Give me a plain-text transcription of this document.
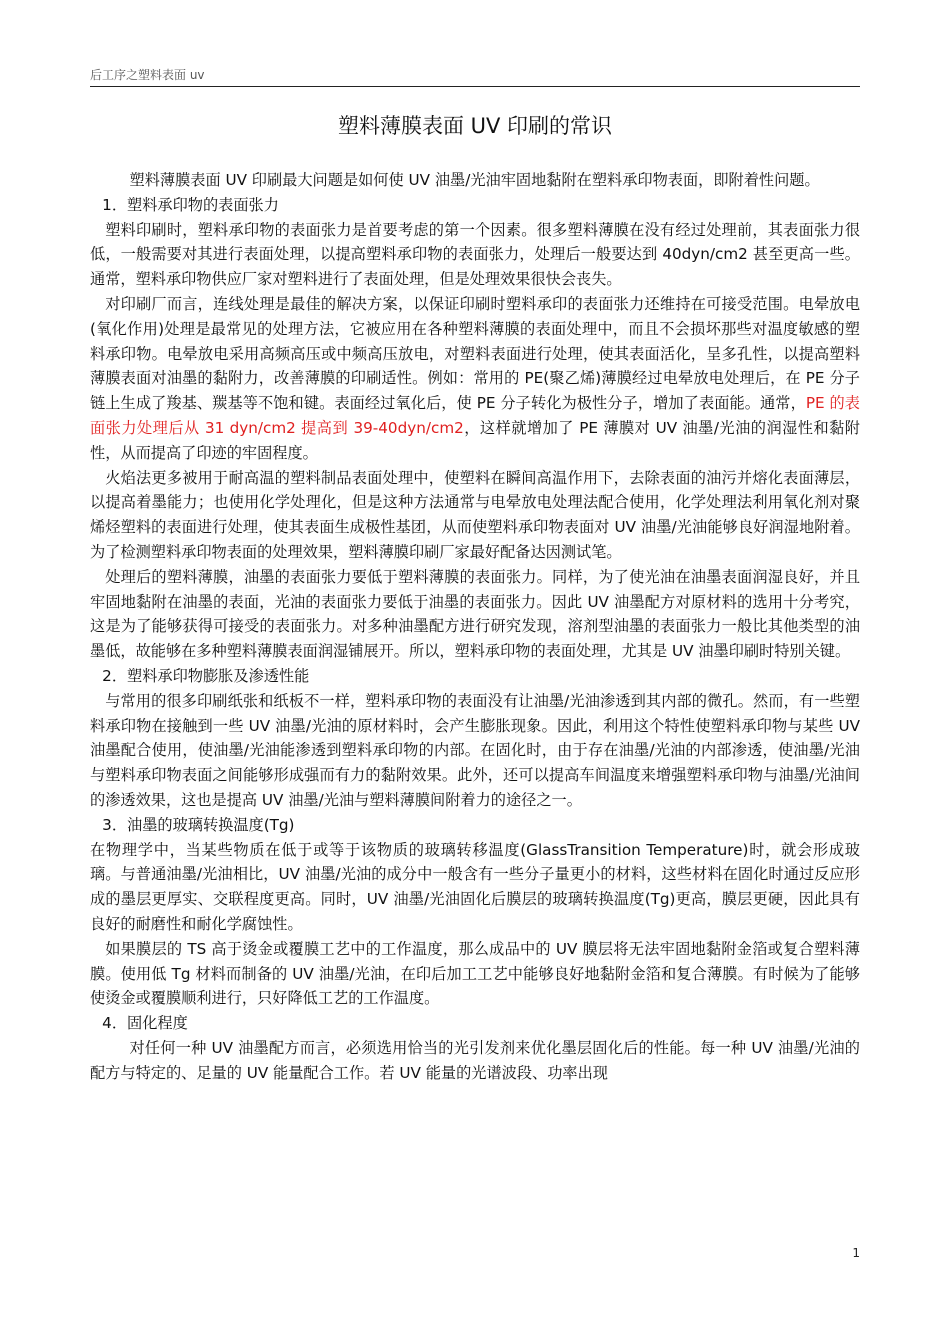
后工序之塑料表面 uv
塑料薄膜表面 UV 印刷的常识

塑料薄膜表面 UV 印刷最大问题是如何使 UV 油墨/光油牢固地黏附在塑料承印物表面，即附着性问题。

1．塑料承印物的表面张力

塑料印刷时，塑料承印物的表面张力是首要考虑的第一个因素。很多塑料薄膜在没有经过处理前，其表面张力很低，一般需要对其进行表面处理，以提高塑料承印物的表面张力，处理后一般要达到 40dyn/cm2 甚至更高一些。通常，塑料承印物供应厂家对塑料进行了表面处理，但是处理效果很快会丧失。

对印刷厂而言，连线处理是最佳的解决方案，以保证印刷时塑料承印的表面张力还维持在可接受范围。电晕放电(氧化作用)处理是最常见的处理方法，它被应用在各种塑料薄膜的表面处理中，而且不会损坏那些对温度敏感的塑料承印物。电晕放电采用高频高压或中频高压放电，对塑料表面进行处理，使其表面活化，呈多孔性，以提高塑料薄膜表面对油墨的黏附力，改善薄膜的印刷适性。例如：常用的 PE(聚乙烯)薄膜经过电晕放电处理后，在 PE 分子链上生成了羧基、羰基等不饱和键。表面经过氧化后，使 PE 分子转化为极性分子，增加了表面能。通常，PE 的表面张力处理后从 31 dyn/cm2 提高到 39-40dyn/cm2，这样就增加了 PE 薄膜对 UV 油墨/光油的润湿性和黏附性，从而提高了印迹的牢固程度。

火焰法更多被用于耐高温的塑料制品表面处理中，使塑料在瞬间高温作用下，去除表面的油污并熔化表面薄层，以提高着墨能力；也使用化学处理化，但是这种方法通常与电晕放电处理法配合使用，化学处理法利用氧化剂对聚烯烃塑料的表面进行处理，使其表面生成极性基团，从而使塑料承印物表面对 UV 油墨/光油能够良好润湿地附着。为了检测塑料承印物表面的处理效果，塑料薄膜印刷厂家最好配备达因测试笔。

处理后的塑料薄膜，油墨的表面张力要低于塑料薄膜的表面张力。同样，为了使光油在油墨表面润湿良好，并且牢固地黏附在油墨的表面，光油的表面张力要低于油墨的表面张力。因此 UV 油墨配方对原材料的选用十分考究，这是为了能够获得可接受的表面张力。对多种油墨配方进行研究发现，溶剂型油墨的表面张力一般比其他类型的油墨低，故能够在多种塑料薄膜表面润湿铺展开。所以，塑料承印物的表面处理，尤其是 UV 油墨印刷时特别关键。

2．塑料承印物膨胀及渗透性能

与常用的很多印刷纸张和纸板不一样，塑料承印物的表面没有让油墨/光油渗透到其内部的微孔。然而，有一些塑料承印物在接触到一些 UV 油墨/光油的原材料时，会产生膨胀现象。因此，利用这个特性使塑料承印物与某些 UV 油墨配合使用，使油墨/光油能渗透到塑料承印物的内部。在固化时，由于存在油墨/光油的内部渗透，使油墨/光油与塑料承印物表面之间能够形成强而有力的黏附效果。此外，还可以提高车间温度来增强塑料承印物与油墨/光油间的渗透效果，这也是提高 UV 油墨/光油与塑料薄膜间附着力的途径之一。

3．油墨的玻璃转换温度(Tg)

在物理学中，当某些物质在低于或等于该物质的玻璃转移温度(GlassTransition Temperature)时，就会形成玻璃。与普通油墨/光油相比，UV 油墨/光油的成分中一般含有一些分子量更小的材料，这些材料在固化时通过反应形成的墨层更厚实、交联程度更高。同时，UV 油墨/光油固化后膜层的玻璃转换温度(Tg)更高，膜层更硬，因此具有良好的耐磨性和耐化学腐蚀性。

如果膜层的 TS 高于烫金或覆膜工艺中的工作温度，那么成品中的 UV 膜层将无法牢固地黏附金箔或复合塑料薄膜。使用低 Tg 材料而制备的 UV 油墨/光油，在印后加工工艺中能够良好地黏附金箔和复合薄膜。有时候为了能够使烫金或覆膜顺利进行，只好降低工艺的工作温度。

4．固化程度

对任何一种 UV 油墨配方而言，必须选用恰当的光引发剂来优化墨层固化后的性能。每一种 UV 油墨/光油的配方与特定的、足量的 UV 能量配合工作。若 UV 能量的光谱波段、功率出现

1
